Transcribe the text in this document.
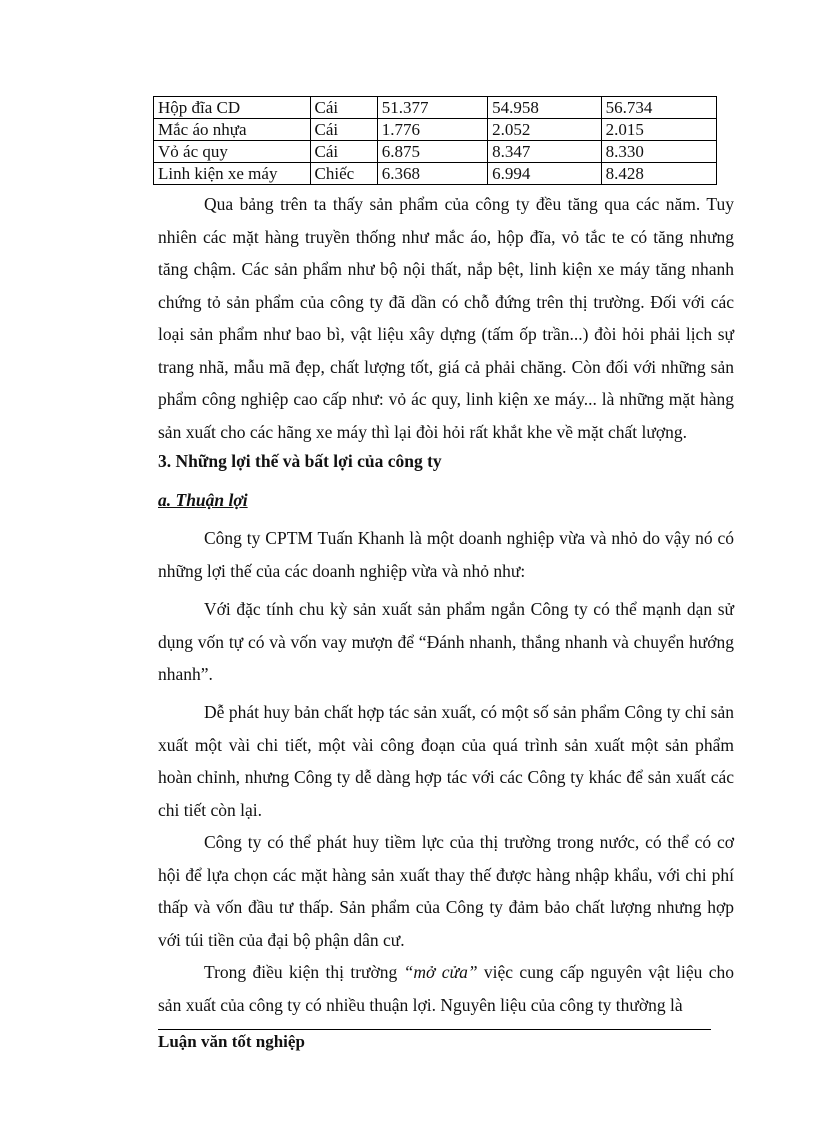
Hộp đĩa CD	Cái	51.377	54.958	56.734
Mắc áo nhựa	Cái	1.776	2.052	2.015
Vỏ ác quy	Cái	6.875	8.347	8.330
Linh kiện xe máy	Chiếc	6.368	6.994	8.428

Qua bảng trên ta thấy sản phẩm của công ty đều tăng qua các năm. Tuy nhiên các mặt hàng truyền thống như mắc áo, hộp đĩa, vỏ tắc te có tăng nhưng tăng chậm. Các sản phẩm như bộ nội thất, nắp bệt, linh kiện xe máy tăng nhanh chứng tỏ sản phẩm của công ty đã dần có chỗ đứng trên thị trường. Đối với các loại sản phẩm như bao bì, vật liệu xây dựng (tấm ốp trần...) đòi hỏi phải lịch sự trang nhã, mẫu mã đẹp, chất lượng tốt, giá cả phải chăng. Còn đối với những sản phẩm công nghiệp cao cấp như: vỏ ác quy, linh kiện xe máy... là những mặt hàng sản xuất cho các hãng xe máy thì lại đòi hỏi rất khắt khe về mặt chất lượng.

3. Những lợi thế và bất lợi của công ty
a. Thuận lợi

Công ty CPTM Tuấn Khanh là một doanh nghiệp vừa và nhỏ do vậy nó có những lợi thế của các doanh nghiệp vừa và nhỏ như:

Với đặc tính chu kỳ sản xuất sản phẩm ngắn Công ty có thể mạnh dạn sử dụng vốn tự có và vốn vay mượn để “Đánh nhanh, thắng nhanh và chuyển hướng nhanh”.

Dễ phát huy bản chất hợp tác sản xuất, có một số sản phẩm Công ty chỉ sản xuất một vài chi tiết, một vài công đoạn của quá trình sản xuất một sản phẩm hoàn chỉnh, nhưng Công ty dễ dàng hợp tác với các Công ty khác để sản xuất các chi tiết còn lại.

Công ty có thể phát huy tiềm lực của thị trường trong nước, có thể có cơ hội để lựa chọn các mặt hàng sản xuất thay thế được hàng nhập khẩu, với chi phí thấp và vốn đầu tư thấp. Sản phẩm của Công ty đảm bảo chất lượng nhưng hợp với túi tiền của đại bộ phận dân cư.

Trong điều kiện thị trường “mở cửa” việc cung cấp nguyên vật liệu cho sản xuất của công ty có nhiều thuận lợi. Nguyên liệu của công ty thường là

Luận văn tốt nghiệp
